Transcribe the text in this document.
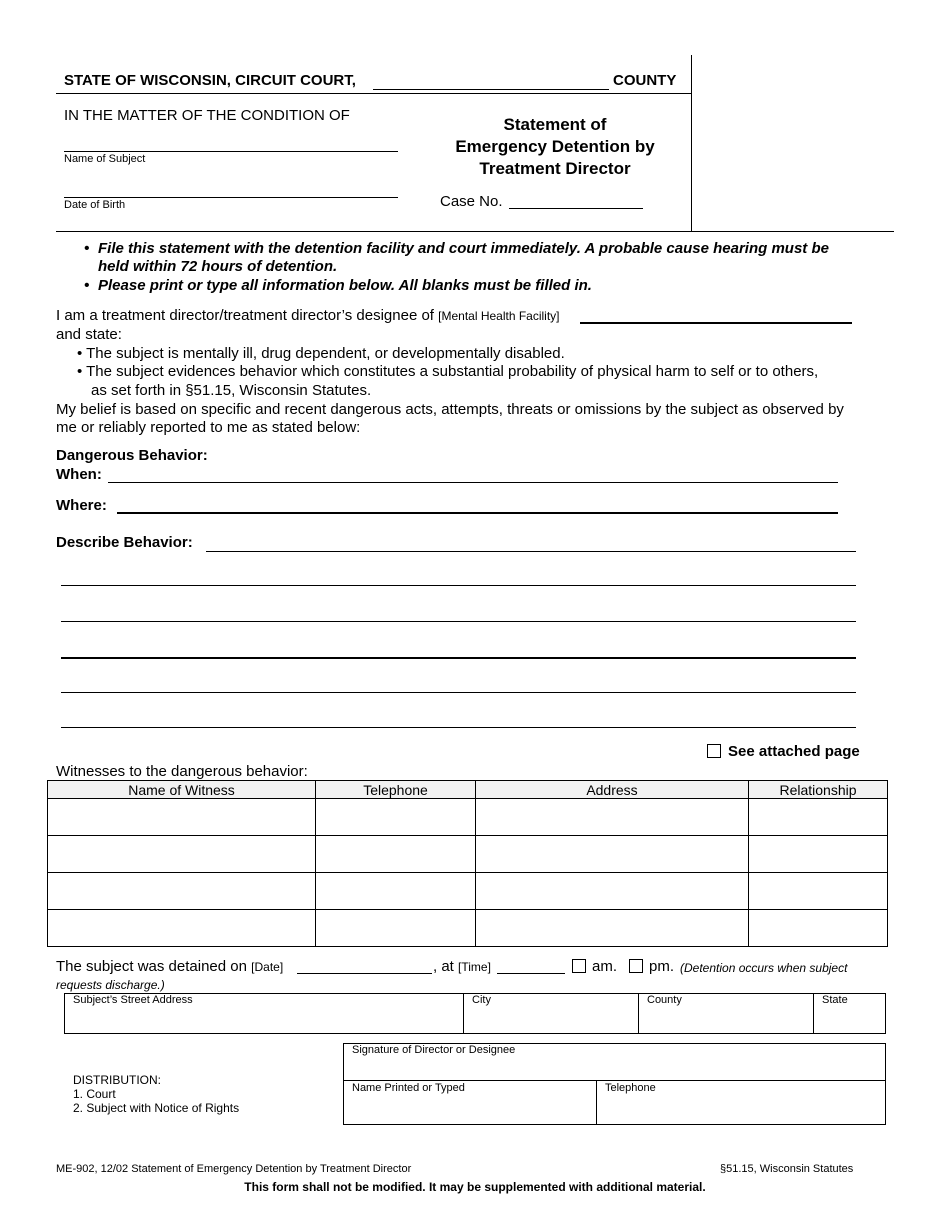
STATE OF WISCONSIN, CIRCUIT COURT,	COUNTY
IN THE MATTER OF THE CONDITION OF
Name of Subject
Date of Birth
Statement of
Emergency Detention by
Treatment Director
Case No.
• File this statement with the detention facility and court immediately. A probable cause hearing must be
held within 72 hours of detention.
• Please print or type all information below. All blanks must be filled in.
I am a treatment director/treatment director’s designee of [Mental Health Facility]
and state:
• The subject is mentally ill, drug dependent, or developmentally disabled.
• The subject evidences behavior which constitutes a substantial probability of physical harm to self or to others,
as set forth in §51.15, Wisconsin Statutes.
My belief is based on specific and recent dangerous acts, attempts, threats or omissions by the subject as observed by
me or reliably reported to me as stated below:
Dangerous Behavior:
When:
Where:
Describe Behavior:
See attached page
Witnesses to the dangerous behavior:
Name of Witness	Telephone	Address	Relationship

The subject was detained on [Date]	, at [Time]	am. pm. (Detention occurs when subject
requests discharge.)
Subject’s Street Address	City	County	State
DISTRIBUTION:
1. Court
2. Subject with Notice of Rights
Signature of Director or Designee
Name Printed or Typed	Telephone
ME-902, 12/02 Statement of Emergency Detention by Treatment Director	§51.15, Wisconsin Statutes
This form shall not be modified. It may be supplemented with additional material.
